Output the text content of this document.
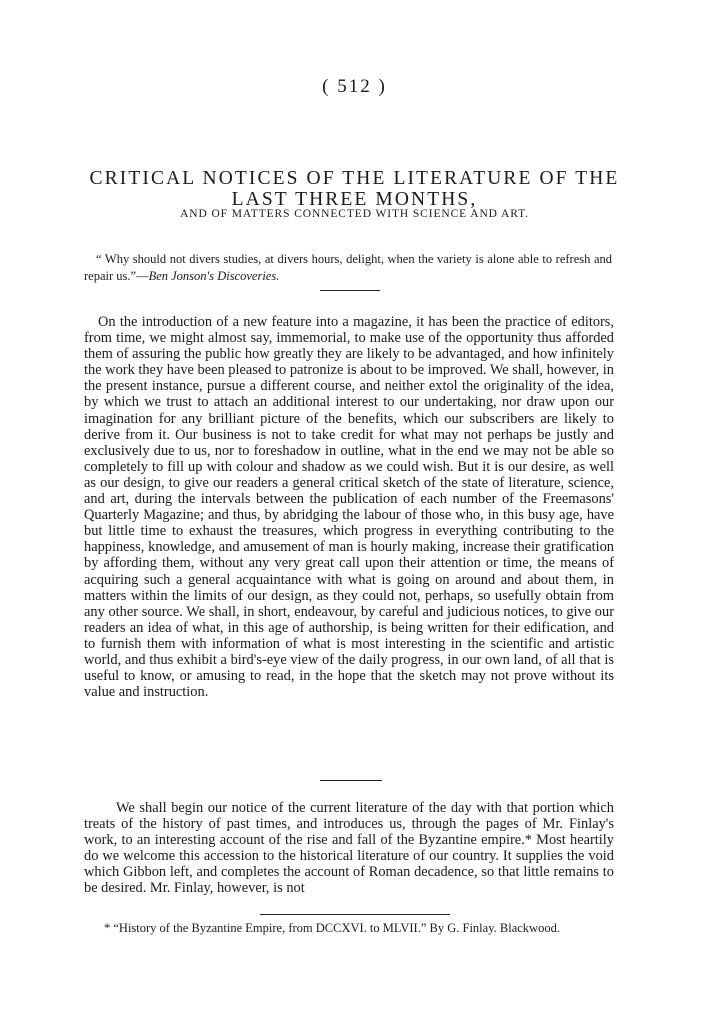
( 512 )
CRITICAL NOTICES OF THE LITERATURE OF THE LAST THREE MONTHS,
AND OF MATTERS CONNECTED WITH SCIENCE AND ART.
“ Why should not divers studies, at divers hours, delight, when the variety is alone able to refresh and repair us.”—Ben Jonson's Discoveries.

On the introduction of a new feature into a magazine, it has been the practice of editors, from time, we might almost say, immemorial, to make use of the opportunity thus afforded them of assuring the public how greatly they are likely to be advantaged, and how infinitely the work they have been pleased to patronize is about to be improved. We shall, however, in the present instance, pursue a different course, and neither extol the originality of the idea, by which we trust to attach an additional interest to our undertaking, nor draw upon our imagination for any brilliant picture of the benefits, which our subscribers are likely to derive from it. Our business is not to take credit for what may not perhaps be justly and exclusively due to us, nor to foreshadow in outline, what in the end we may not be able so completely to fill up with colour and shadow as we could wish. But it is our desire, as well as our design, to give our readers a general critical sketch of the state of literature, science, and art, during the intervals between the publication of each number of the Freemasons' Quarterly Magazine; and thus, by abridging the labour of those who, in this busy age, have but little time to exhaust the treasures, which progress in everything contributing to the happiness, knowledge, and amusement of man is hourly making, increase their gratification by affording them, without any very great call upon their attention or time, the means of acquiring such a general acquaintance with what is going on around and about them, in matters within the limits of our design, as they could not, perhaps, so usefully obtain from any other source. We shall, in short, endeavour, by careful and judicious notices, to give our readers an idea of what, in this age of authorship, is being written for their edification, and to furnish them with information of what is most interesting in the scientific and artistic world, and thus exhibit a bird's-eye view of the daily progress, in our own land, of all that is useful to know, or amusing to read, in the hope that the sketch may not prove without its value and instruction.

We shall begin our notice of the current literature of the day with that portion which treats of the history of past times, and introduces us, through the pages of Mr. Finlay's work, to an interesting account of the rise and fall of the Byzantine empire.* Most heartily do we welcome this accession to the historical literature of our country. It supplies the void which Gibbon left, and completes the account of Roman decadence, so that little remains to be desired. Mr. Finlay, however, is not

* “History of the Byzantine Empire, from DCCXVI. to MLVII.” By G. Finlay. Blackwood.
